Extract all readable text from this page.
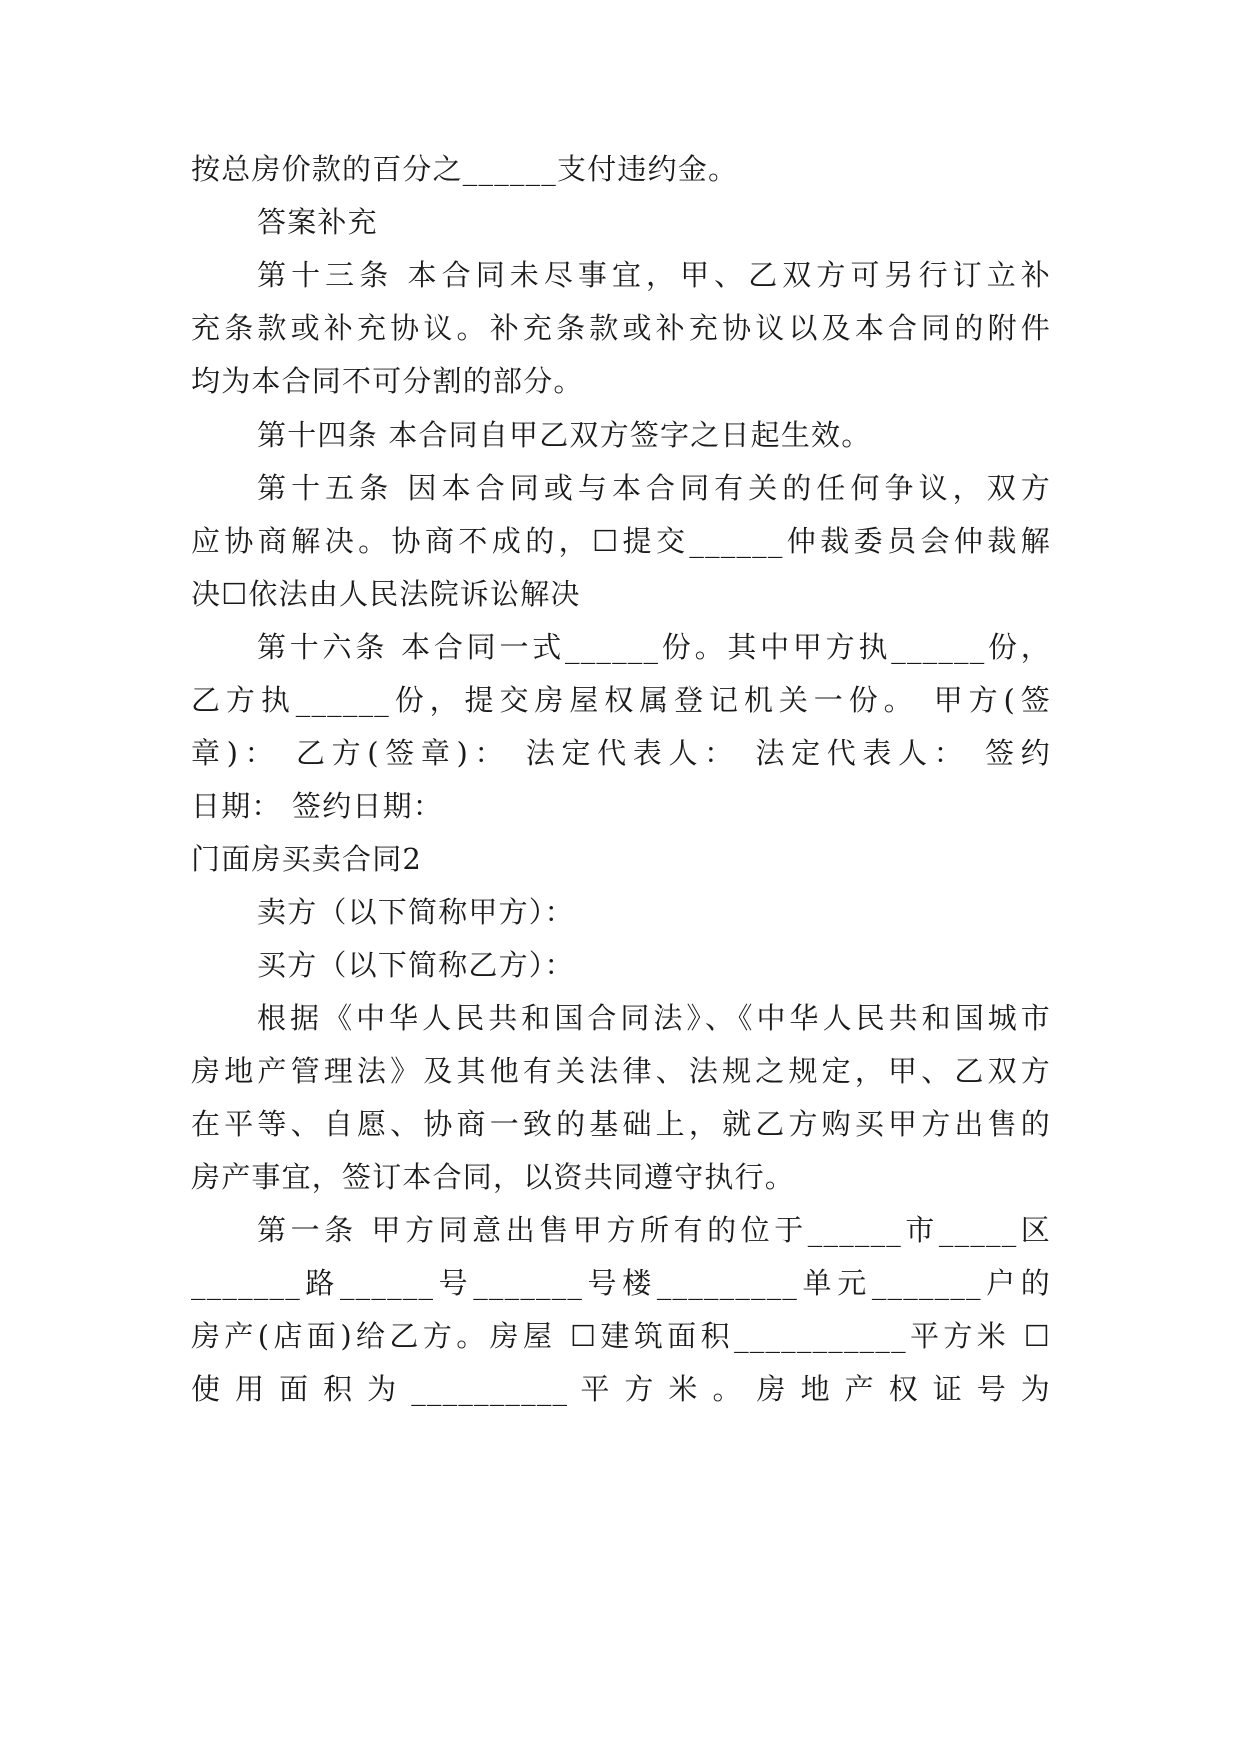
按总房价款的百分之______支付违约金。
答案补充
第十三条 本合同未尽事宜，甲、乙双方可另行订立补
充条款或补充协议。补充条款或补充协议以及本合同的附件
均为本合同不可分割的部分。
第十四条 本合同自甲乙双方签字之日起生效。
第十五条 因本合同或与本合同有关的任何争议，双方
应协商解决。协商不成的，☐提交______仲裁委员会仲裁解
决☐依法由人民法院诉讼解决
第十六条 本合同一式______份。其中甲方执______份，
乙方执______份，提交房屋权属登记机关一份。 甲方(签
章)： 乙方(签章)： 法定代表人： 法定代表人： 签约
日期： 签约日期：
门面房买卖合同2
卖方（以下简称甲方）：
买方（以下简称乙方）：
根据《中华人民共和国合同法》、《中华人民共和国城市
房地产管理法》及其他有关法律、法规之规定，甲、乙双方
在平等、自愿、协商一致的基础上，就乙方购买甲方出售的
房产事宜，签订本合同，以资共同遵守执行。
第一条 甲方同意出售甲方所有的位于______市_____区
_______路______号_______号楼_________单元_______户的
房产(店面)给乙方。房屋 ☐建筑面积___________平方米 ☐
使 用 面 积 为 __________ 平 方 米 。 房 地 产 权 证 号 为
